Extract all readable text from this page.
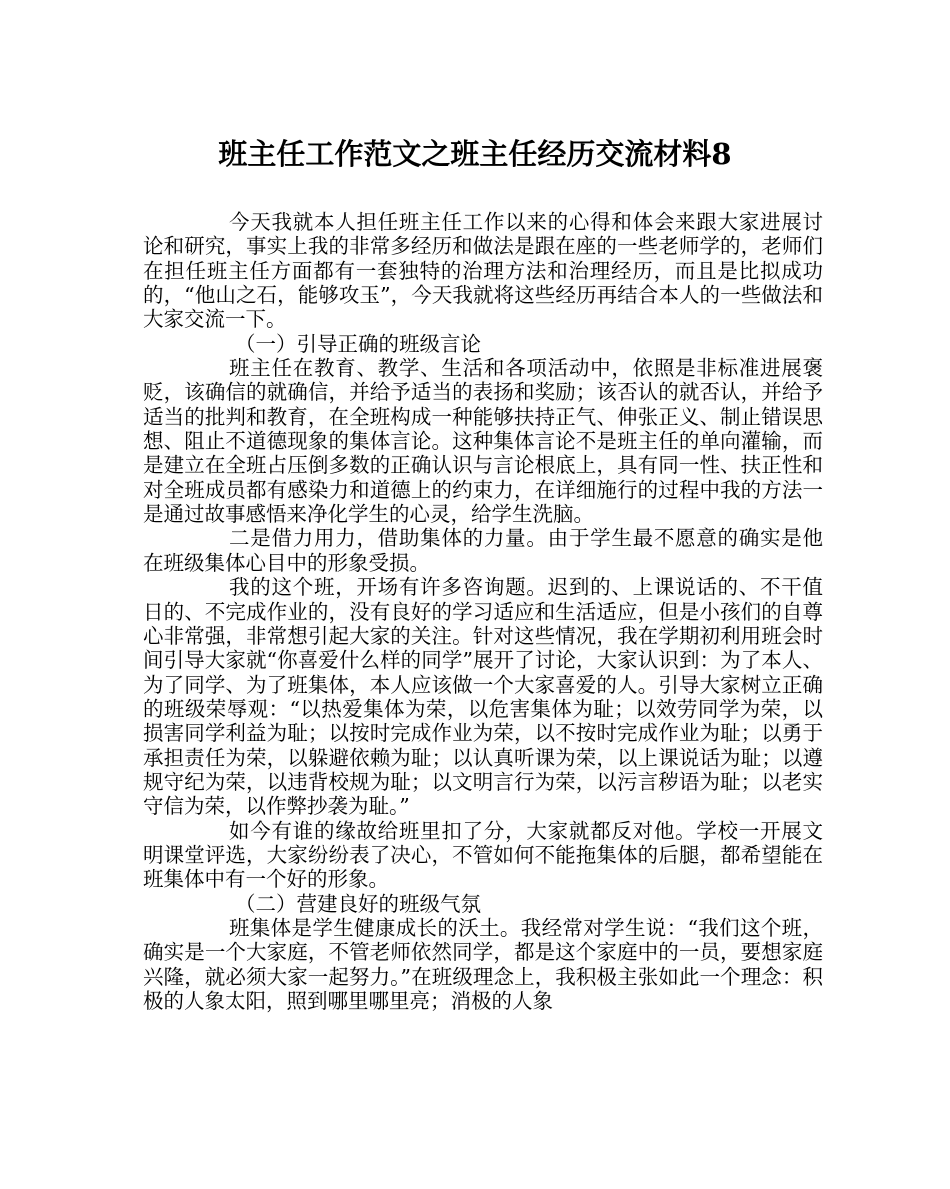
班主任工作范文之班主任经历交流材料8

今天我就本人担任班主任工作以来的心得和体会来跟大家进展讨论和研究，事实上我的非常多经历和做法是跟在座的一些老师学的，老师们在担任班主任方面都有一套独特的治理方法和治理经历，而且是比拟成功的，“他山之石，能够攻玉”，今天我就将这些经历再结合本人的一些做法和大家交流一下。

（一）引导正确的班级言论

班主任在教育、教学、生活和各项活动中，依照是非标准进展褒贬，该确信的就确信，并给予适当的表扬和奖励；该否认的就否认，并给予适当的批判和教育，在全班构成一种能够扶持正气、伸张正义、制止错误思想、阻止不道德现象的集体言论。这种集体言论不是班主任的单向灌输，而是建立在全班占压倒多数的正确认识与言论根底上，具有同一性、扶正性和对全班成员都有感染力和道德上的约束力，在详细施行的过程中我的方法一是通过故事感悟来净化学生的心灵，给学生洗脑。

二是借力用力，借助集体的力量。由于学生最不愿意的确实是他在班级集体心目中的形象受损。

我的这个班，开场有许多咨询题。迟到的、上课说话的、不干值日的、不完成作业的，没有良好的学习适应和生活适应，但是小孩们的自尊心非常强，非常想引起大家的关注。针对这些情况，我在学期初利用班会时间引导大家就“你喜爱什么样的同学”展开了讨论，大家认识到：为了本人、为了同学、为了班集体，本人应该做一个大家喜爱的人。引导大家树立正确的班级荣辱观：“以热爱集体为荣，以危害集体为耻；以效劳同学为荣，以损害同学利益为耻；以按时完成作业为荣，以不按时完成作业为耻；以勇于承担责任为荣，以躲避依赖为耻；以认真听课为荣，以上课说话为耻；以遵规守纪为荣，以违背校规为耻；以文明言行为荣，以污言秽语为耻；以老实守信为荣，以作弊抄袭为耻。”

如今有谁的缘故给班里扣了分，大家就都反对他。学校一开展文明课堂评选，大家纷纷表了决心，不管如何不能拖集体的后腿，都希望能在班集体中有一个好的形象。

（二）营建良好的班级气氛

班集体是学生健康成长的沃土。我经常对学生说：“我们这个班，确实是一个大家庭，不管老师依然同学，都是这个家庭中的一员，要想家庭兴隆，就必须大家一起努力。”在班级理念上，我积极主张如此一个理念：积极的人象太阳，照到哪里哪里亮；消极的人象
